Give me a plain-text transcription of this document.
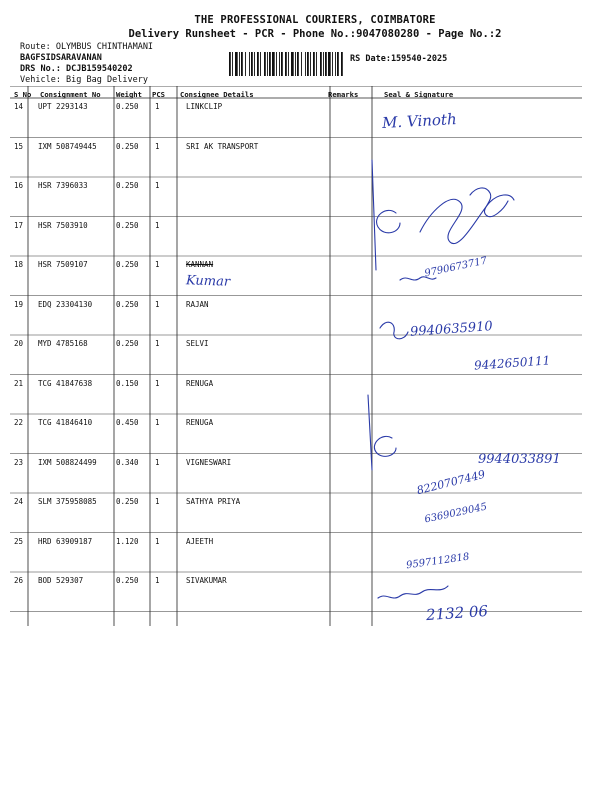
THE PROFESSIONAL COURIERS, COIMBATORE
Delivery Runsheet - PCR - Phone No.:9047080280 - Page No.:2
Route: OLYMBUS CHINTHAMANI
BAGFSIDSARAVANAN
DRS No.: DCJB159540202
Vehicle: Big Bag Delivery
RS Date:159540-2025
S No Consignment No Weight PCS Consignee Details	Remarks	Seal & Signature
14 UPT 2293143	0.250 1	LINKCLIP
15 IXM 508749445	0.250 1	SRI AK TRANSPORT
16 HSR 7396033	0.250 1
17 HSR 7503910	0.250 1
18 HSR 7509107	0.250 1	KANNAN
19 EDQ 23304130	0.250 1	RAJAN
20 MYD 4785168	0.250 1	SELVI
21 TCG 41847638	0.150 1	RENUGA
22 TCG 41846410	0.450 1	RENUGA
23 IXM 508824499	0.340 1	VIGNESWARI
24 SLM 375958085	0.250 1	SATHYA PRIYA
25 HRD 63909187	1.120 1	AJEETH
26 BOD 529307	0.250 1	SIVAKUMAR
M. Vinoth
Kumar
9790673717
9940635910
9442650111
9944033891
8220707449
6369029045
9597112818
2132 06
